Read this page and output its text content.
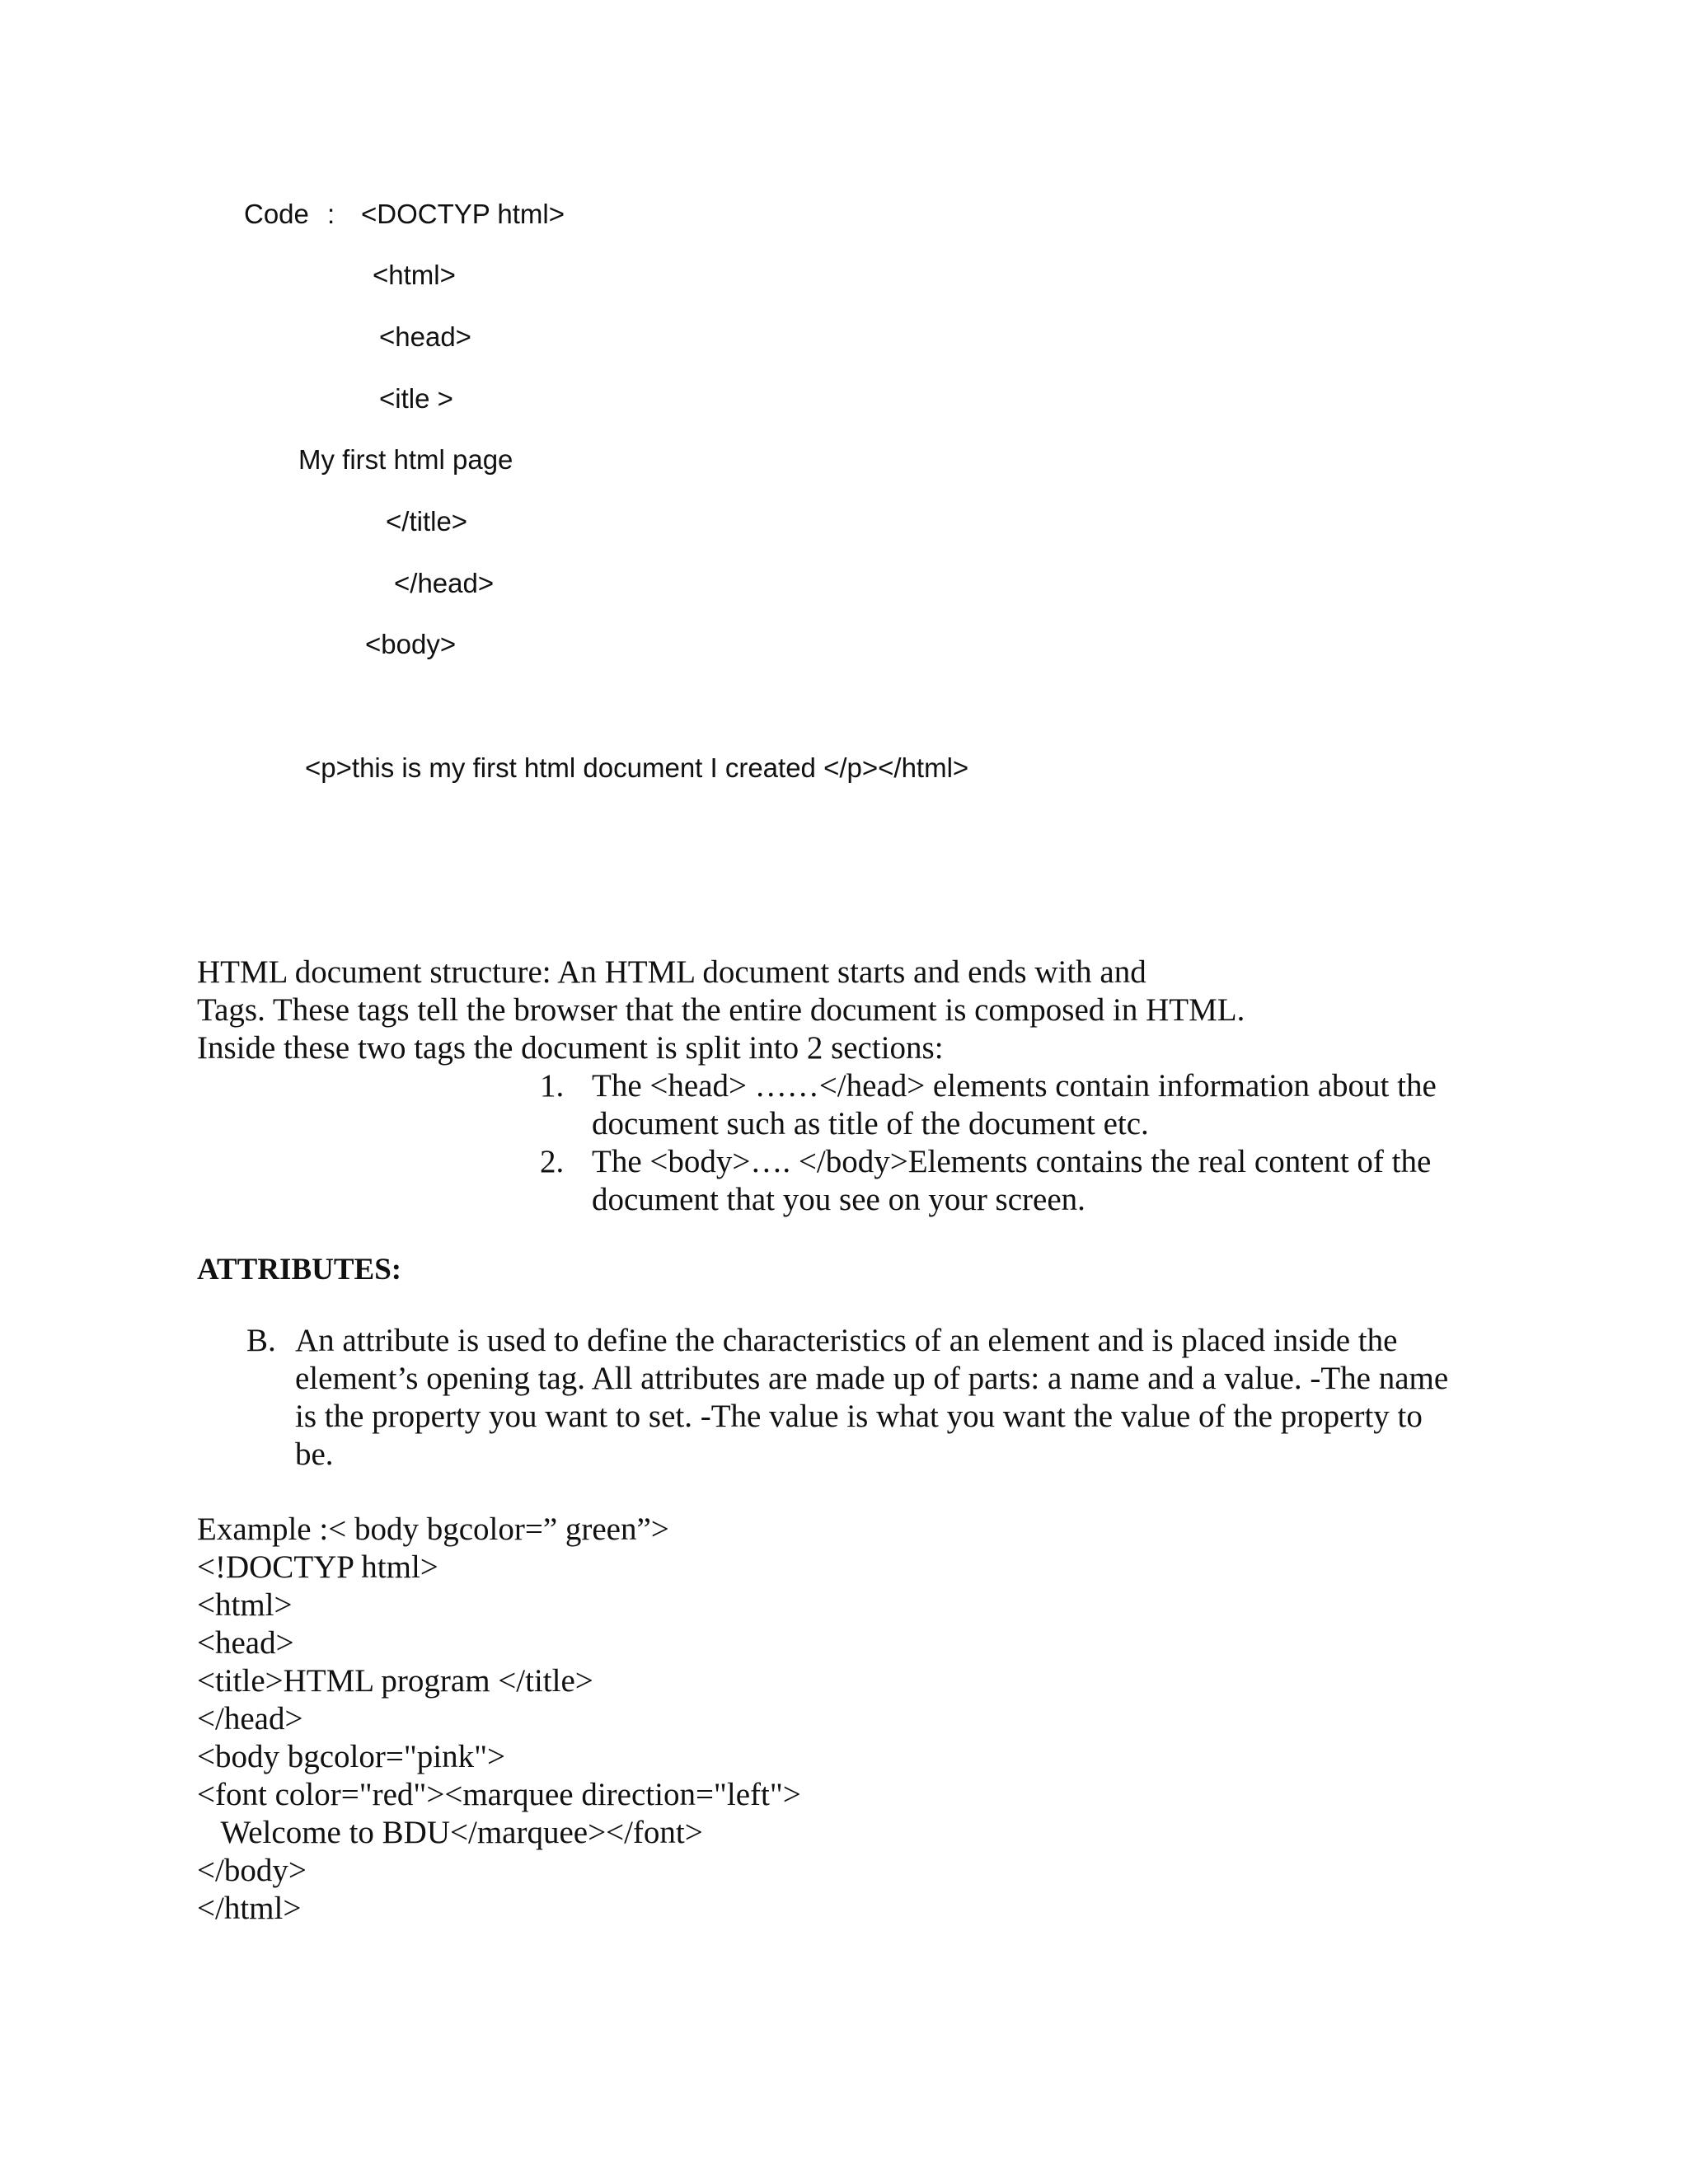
Code : <DOCTYP html>
<html>
<head>
<itle >
My first html page
</title>
</head>
<body>
<p>this is my first html document I created </p></html>
HTML document structure: An HTML document starts and ends with and
Tags. These tags tell the browser that the entire document is composed in HTML.
Inside these two tags the document is split into 2 sections:
1. The <head> ……</head> elements contain information about the
document such as title of the document etc.
2. The <body>…. </body>Elements contains the real content of the
document that you see on your screen.
ATTRIBUTES:
B. An attribute is used to define the characteristics of an element and is placed inside the
element’s opening tag. All attributes are made up of parts: a name and a value. -The name
is the property you want to set. -The value is what you want the value of the property to
be.
Example :< body bgcolor=” green”>
<!DOCTYP html>
<html>
<head>
<title>HTML program </title>
</head>
<body bgcolor="pink">
<font color="red"><marquee direction="left">
Welcome to BDU</marquee></font>
</body>
</html>
